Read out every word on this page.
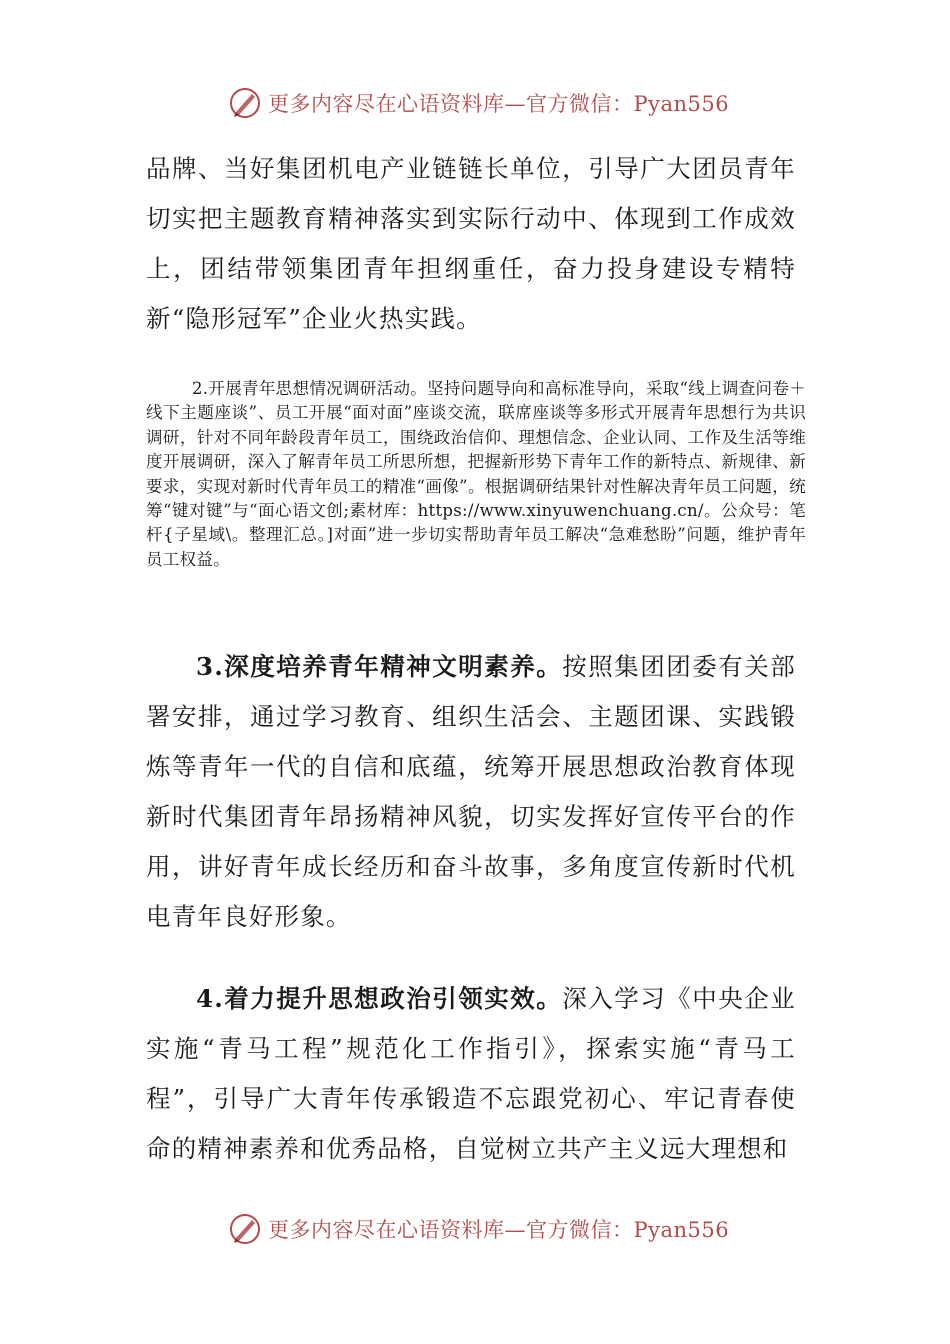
更多内容尽在心语资料库—官方微信：Pyan556
品牌、当好集团机电产业链链长单位，引导广大团员青年切实把主题教育精神落实到实际行动中、体现到工作成效上，团结带领集团青年担纲重任，奋力投身建设专精特新“隐形冠军”企业火热实践。
2.开展青年思想情况调研活动。坚持问题导向和高标准导向，采取“线上调查问卷＋线下主题座谈”、员工开展“面对面”座谈交流，联席座谈等多形式开展青年思想行为共识调研，针对不同年龄段青年员工，围绕政治信仰、理想信念、企业认同、工作及生活等维度开展调研，深入了解青年员工所思所想，把握新形势下青年工作的新特点、新规律、新要求，实现对新时代青年员工的精准“画像”。根据调研结果针对性解决青年员工问题，统筹“键对键”与“面心语文创;素材库：https://www.xinyuwenchuang.cn/。公众号：笔杆{子星域\。整理汇总。]对面”进一步切实帮助青年员工解决“急难愁盼”问题，维护青年员工权益。
3.深度培养青年精神文明素养。按照集团团委有关部署安排，通过学习教育、组织生活会、主题团课、实践锻炼等青年一代的自信和底蕴，统筹开展思想政治教育体现新时代集团青年昂扬精神风貌，切实发挥好宣传平台的作用，讲好青年成长经历和奋斗故事，多角度宣传新时代机电青年良好形象。
4.着力提升思想政治引领实效。深入学习《中央企业实施“青马工程”规范化工作指引》，探索实施“青马工程”，引导广大青年传承锻造不忘跟党初心、牢记青春使命的精神素养和优秀品格，自觉树立共产主义远大理想和
更多内容尽在心语资料库—官方微信：Pyan556
